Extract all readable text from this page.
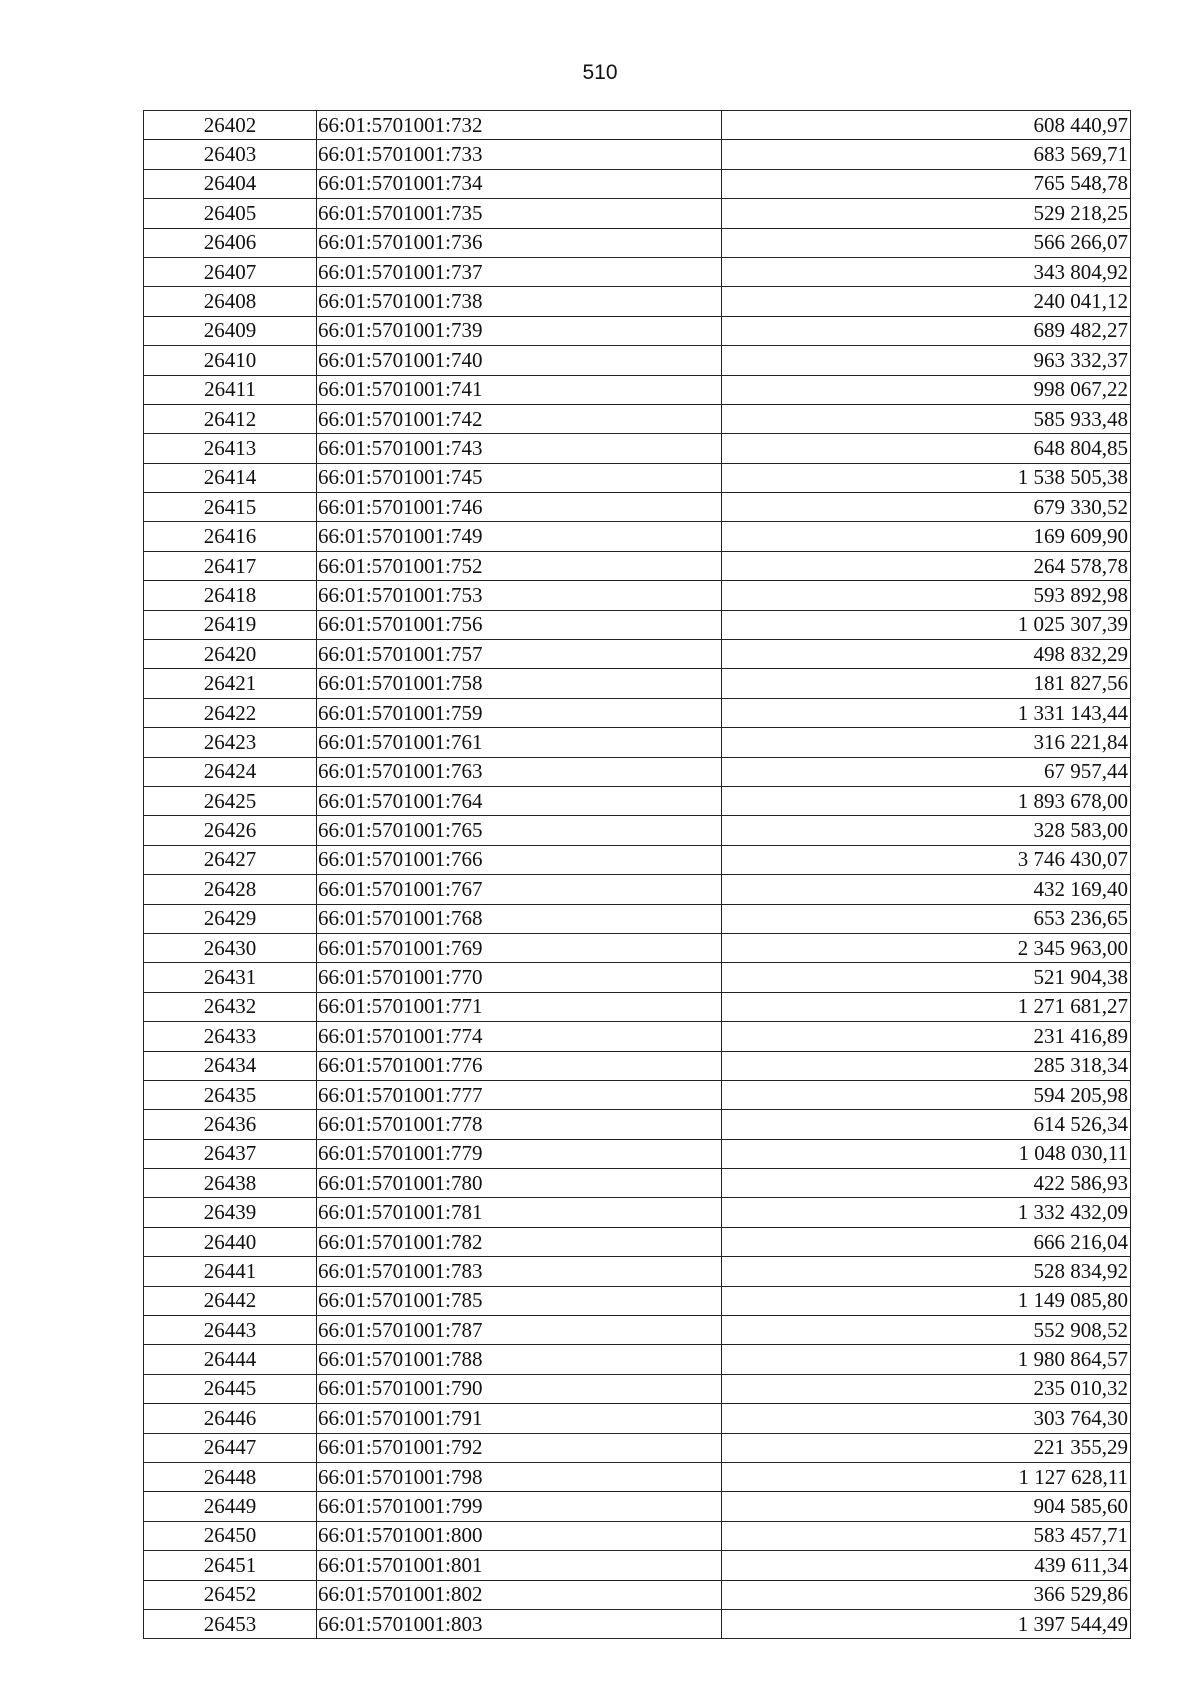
510
26402	66:01:5701001:732	608 440,97
26403	66:01:5701001:733	683 569,71
26404	66:01:5701001:734	765 548,78
26405	66:01:5701001:735	529 218,25
26406	66:01:5701001:736	566 266,07
26407	66:01:5701001:737	343 804,92
26408	66:01:5701001:738	240 041,12
26409	66:01:5701001:739	689 482,27
26410	66:01:5701001:740	963 332,37
26411	66:01:5701001:741	998 067,22
26412	66:01:5701001:742	585 933,48
26413	66:01:5701001:743	648 804,85
26414	66:01:5701001:745	1 538 505,38
26415	66:01:5701001:746	679 330,52
26416	66:01:5701001:749	169 609,90
26417	66:01:5701001:752	264 578,78
26418	66:01:5701001:753	593 892,98
26419	66:01:5701001:756	1 025 307,39
26420	66:01:5701001:757	498 832,29
26421	66:01:5701001:758	181 827,56
26422	66:01:5701001:759	1 331 143,44
26423	66:01:5701001:761	316 221,84
26424	66:01:5701001:763	67 957,44
26425	66:01:5701001:764	1 893 678,00
26426	66:01:5701001:765	328 583,00
26427	66:01:5701001:766	3 746 430,07
26428	66:01:5701001:767	432 169,40
26429	66:01:5701001:768	653 236,65
26430	66:01:5701001:769	2 345 963,00
26431	66:01:5701001:770	521 904,38
26432	66:01:5701001:771	1 271 681,27
26433	66:01:5701001:774	231 416,89
26434	66:01:5701001:776	285 318,34
26435	66:01:5701001:777	594 205,98
26436	66:01:5701001:778	614 526,34
26437	66:01:5701001:779	1 048 030,11
26438	66:01:5701001:780	422 586,93
26439	66:01:5701001:781	1 332 432,09
26440	66:01:5701001:782	666 216,04
26441	66:01:5701001:783	528 834,92
26442	66:01:5701001:785	1 149 085,80
26443	66:01:5701001:787	552 908,52
26444	66:01:5701001:788	1 980 864,57
26445	66:01:5701001:790	235 010,32
26446	66:01:5701001:791	303 764,30
26447	66:01:5701001:792	221 355,29
26448	66:01:5701001:798	1 127 628,11
26449	66:01:5701001:799	904 585,60
26450	66:01:5701001:800	583 457,71
26451	66:01:5701001:801	439 611,34
26452	66:01:5701001:802	366 529,86
26453	66:01:5701001:803	1 397 544,49
